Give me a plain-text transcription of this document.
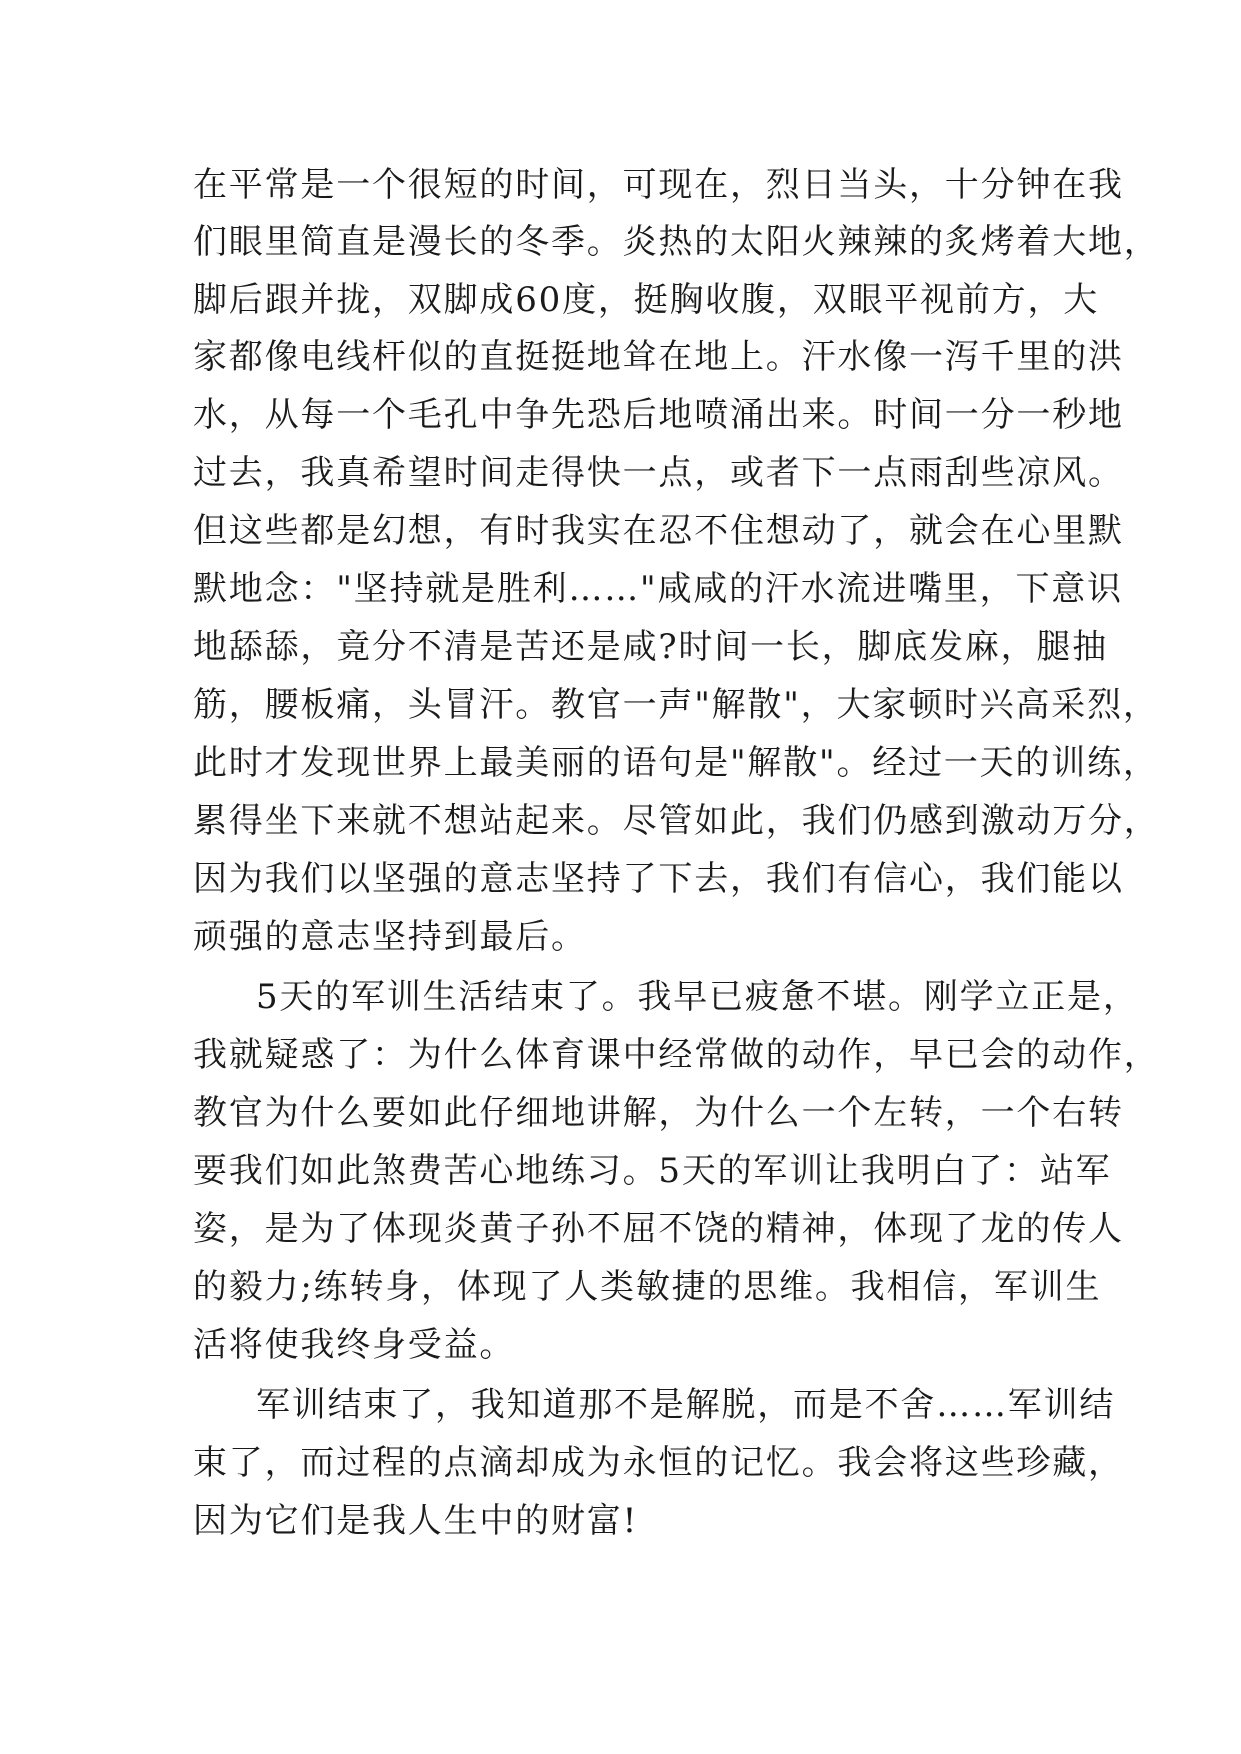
在平常是一个很短的时间，可现在，烈日当头，十分钟在我
们眼里简直是漫长的冬季。炎热的太阳火辣辣的炙烤着大地，
脚后跟并拢，双脚成60度，挺胸收腹，双眼平视前方，大
家都像电线杆似的直挺挺地耸在地上。汗水像一泻千里的洪
水，从每一个毛孔中争先恐后地喷涌出来。时间一分一秒地
过去，我真希望时间走得快一点，或者下一点雨刮些凉风。
但这些都是幻想，有时我实在忍不住想动了，就会在心里默
默地念："坚持就是胜利……"咸咸的汗水流进嘴里，下意识
地舔舔，竟分不清是苦还是咸?时间一长，脚底发麻，腿抽
筋，腰板痛，头冒汗。教官一声"解散"，大家顿时兴高采烈，
此时才发现世界上最美丽的语句是"解散"。经过一天的训练，
累得坐下来就不想站起来。尽管如此，我们仍感到激动万分，
因为我们以坚强的意志坚持了下去，我们有信心，我们能以
顽强的意志坚持到最后。
5天的军训生活结束了。我早已疲惫不堪。刚学立正是，
我就疑惑了：为什么体育课中经常做的动作，早已会的动作，
教官为什么要如此仔细地讲解，为什么一个左转，一个右转
要我们如此煞费苦心地练习。5天的军训让我明白了：站军
姿，是为了体现炎黄子孙不屈不饶的精神，体现了龙的传人
的毅力;练转身，体现了人类敏捷的思维。我相信，军训生
活将使我终身受益。
军训结束了，我知道那不是解脱，而是不舍……军训结
束了，而过程的点滴却成为永恒的记忆。我会将这些珍藏，
因为它们是我人生中的财富!
